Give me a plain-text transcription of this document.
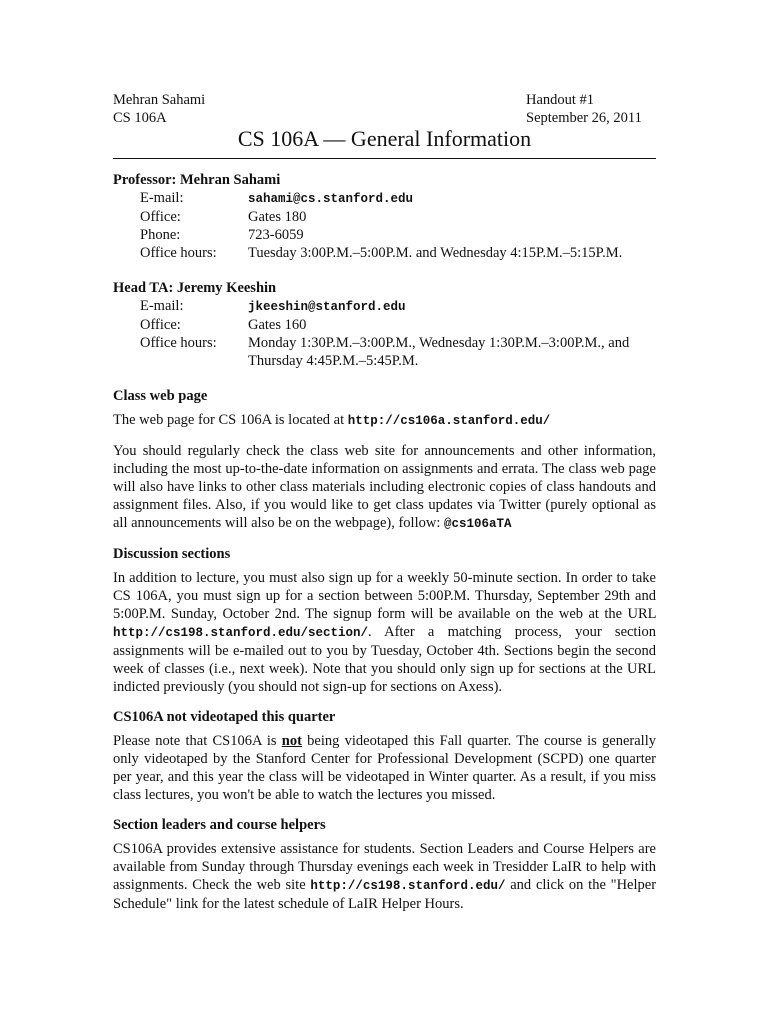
Mehran Sahami
CS 106A
Handout #1
September 26, 2011
CS 106A — General Information
Professor: Mehran Sahami
E-mail:	sahami@cs.stanford.edu
Office:	Gates 180
Phone:	723-6059
Office hours:	Tuesday 3:00P.M.–5:00P.M. and Wednesday 4:15P.M.–5:15P.M.
Head TA: Jeremy Keeshin
E-mail:	jkeeshin@stanford.edu
Office:	Gates 160
Office hours:	Monday 1:30P.M.–3:00P.M., Wednesday 1:30P.M.–3:00P.M., and
Thursday 4:45P.M.–5:45P.M.
Class web page

The web page for CS 106A is located at http://cs106a.stanford.edu/

You should regularly check the class web site for announcements and other information, including the most up-to-the-date information on assignments and errata. The class web page will also have links to other class materials including electronic copies of class handouts and assignment files. Also, if you would like to get class updates via Twitter (purely optional as all announcements will also be on the webpage), follow: @cs106aTA

Discussion sections

In addition to lecture, you must also sign up for a weekly 50-minute section. In order to take CS 106A, you must sign up for a section between 5:00P.M. Thursday, September 29th and 5:00P.M. Sunday, October 2nd. The signup form will be available on the web at the URL http://cs198.stanford.edu/section/. After a matching process, your section assignments will be e-mailed out to you by Tuesday, October 4th. Sections begin the second week of classes (i.e., next week). Note that you should only sign up for sections at the URL indicted previously (you should not sign-up for sections on Axess).

CS106A not videotaped this quarter

Please note that CS106A is not being videotaped this Fall quarter. The course is generally only videotaped by the Stanford Center for Professional Development (SCPD) one quarter per year, and this year the class will be videotaped in Winter quarter. As a result, if you miss class lectures, you won't be able to watch the lectures you missed.

Section leaders and course helpers

CS106A provides extensive assistance for students. Section Leaders and Course Helpers are available from Sunday through Thursday evenings each week in Tresidder LaIR to help with assignments. Check the web site http://cs198.stanford.edu/ and click on the "Helper Schedule" link for the latest schedule of LaIR Helper Hours.
